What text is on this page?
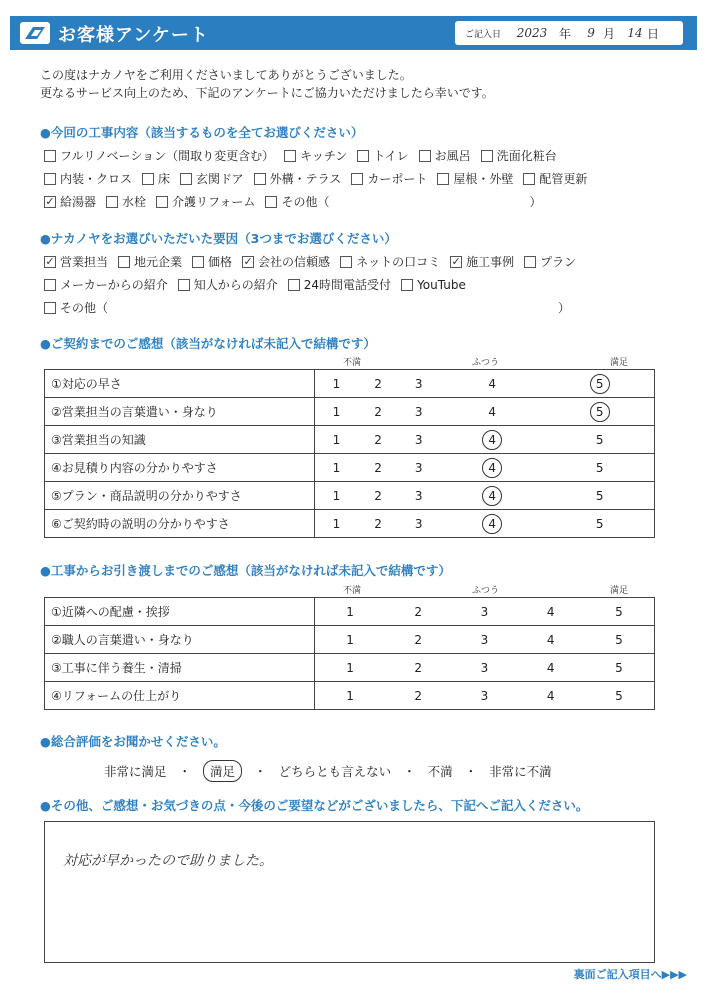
お客様アンケート	ご記入日	2023 年	9 月 14 日
この度はナカノヤをご利用くださいましてありがとうございました。
更なるサービス向上のため、下記のアンケートにご協力いただけましたら幸いです。
●今回の工事内容（該当するものを全てお選びください）
フルリノベーション（間取り変更含む） キッチン トイレ お風呂 洗面化粧台
内装・クロス 床 玄関ドア 外構・テラス カーポート 屋根・外壁 配管更新
✓ 給湯器 水栓 介護リフォーム その他（	）
●ナカノヤをお選びいただいた要因（3つまでお選びください）
✓ 営業担当 地元企業 価格 ✓ 会社の信頼感 ネットの口コミ ✓ 施工事例 プラン
メーカーからの紹介 知人からの紹介 24時間電話受付 YouTube
その他（	）
●ご契約までのご感想（該当がなければ未記入で結構です）
不満	ふつう	満足
①対応の早さ	1	2	3	4	5
②営業担当の言葉遣い・身なり	1	2	3	4	5
③営業担当の知識	1	2	3	4	5
④お見積り内容の分かりやすさ	1	2	3	4	5
⑤プラン・商品説明の分かりやすさ	1	2	3	4	5
⑥ご契約時の説明の分かりやすさ	1	2	3	4	5
●工事からお引き渡しまでのご感想（該当がなければ未記入で結構です）
不満	ふつう	満足
①近隣への配慮・挨拶	1	2	3	4	5
②職人の言葉遣い・身なり	1	2	3	4	5
③工事に伴う養生・清掃	1	2	3	4	5
④リフォームの仕上がり	1	2	3	4	5
●総合評価をお聞かせください。
非常に満足 ・	満足	・ どちらとも言えない ・ 不満 ・ 非常に不満
●その他、ご感想・お気づきの点・今後のご要望などがございましたら、下記へご記入ください。
対応が早かったので助りました。
裏面ご記入項目へ▶▶▶
